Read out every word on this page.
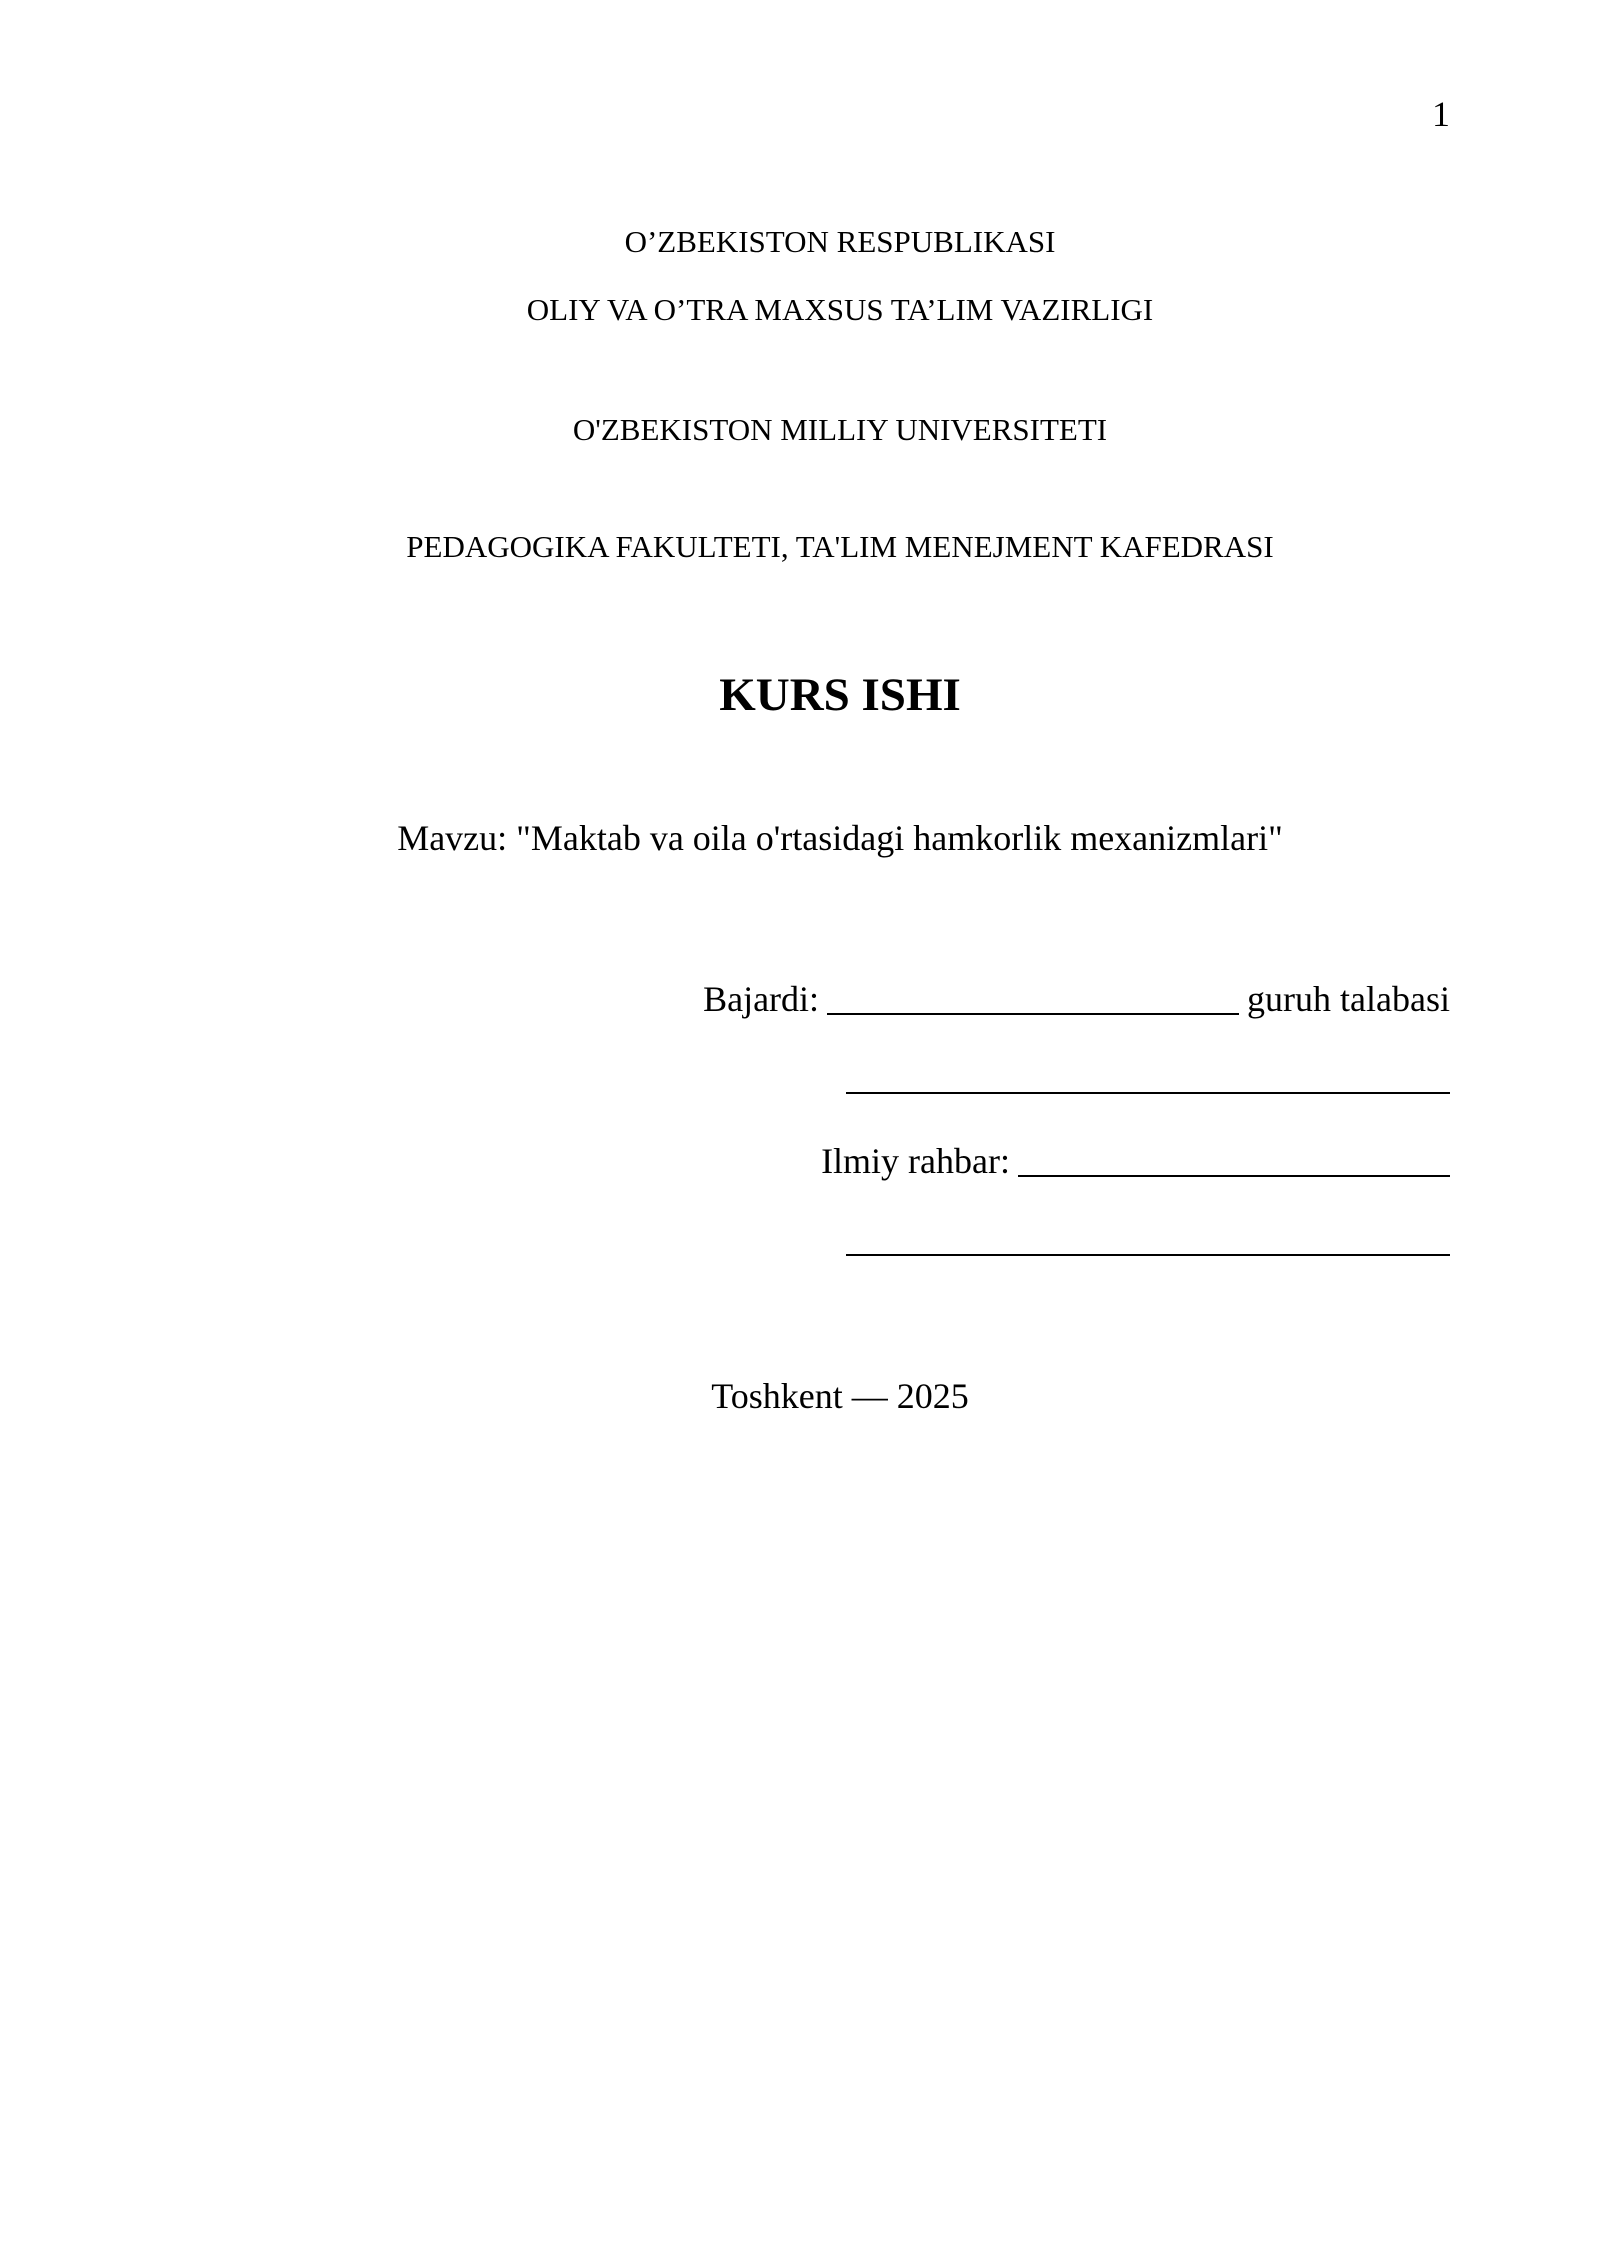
1
O’ZBEKISTON RESPUBLIKASI
OLIY VA O’TRA MAXSUS TA’LIM VAZIRLIGI
O'ZBEKISTON MILLIY UNIVERSITETI
PEDAGOGIKA FAKULTETI, TA'LIM MENEJMENT KAFEDRASI
KURS ISHI
Mavzu: "Maktab va oila o'rtasidagi hamkorlik mexanizmlari"
Bajardi:	guruh talabasi
Ilmiy rahbar:
Toshkent — 2025
